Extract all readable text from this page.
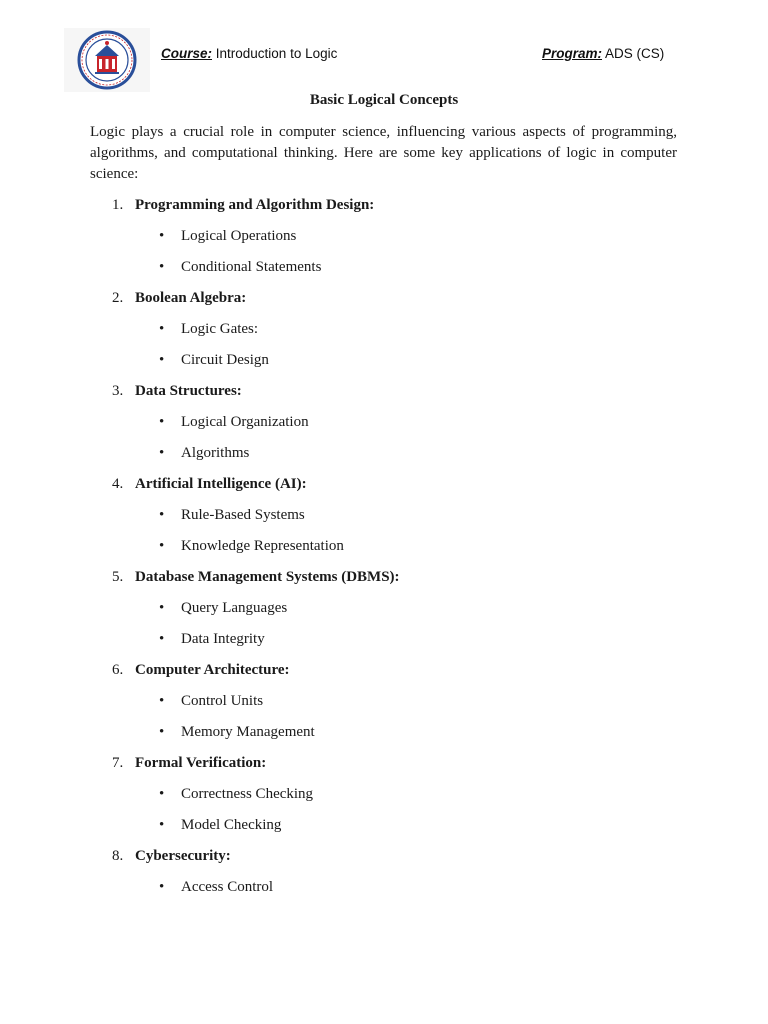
Course: Introduction to Logic	Program: ADS (CS)
Basic Logical Concepts

Logic plays a crucial role in computer science, influencing various aspects of programming, algorithms, and computational thinking. Here are some key applications of logic in computer science:

1. Programming and Algorithm Design:
• Logical Operations
• Conditional Statements
2. Boolean Algebra:
• Logic Gates:
• Circuit Design
3. Data Structures:
• Logical Organization
• Algorithms
4. Artificial Intelligence (AI):
• Rule-Based Systems
• Knowledge Representation
5. Database Management Systems (DBMS):
• Query Languages
• Data Integrity
6. Computer Architecture:
• Control Units
• Memory Management
7. Formal Verification:
• Correctness Checking
• Model Checking
8. Cybersecurity:
• Access Control
